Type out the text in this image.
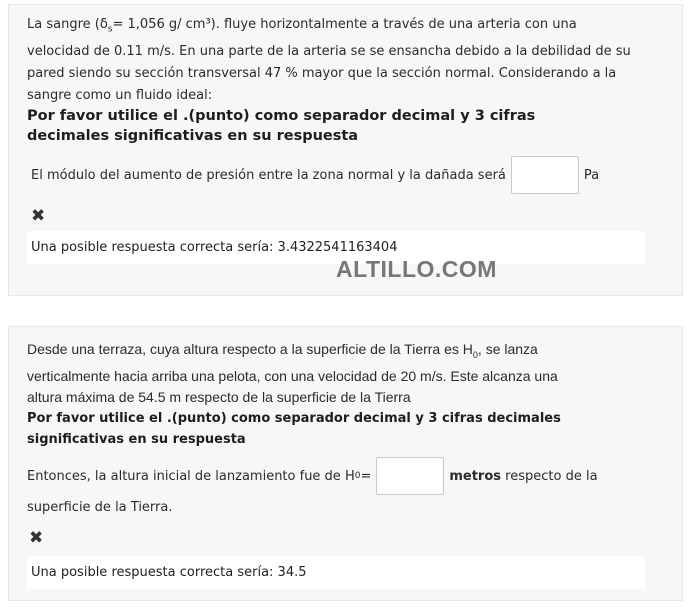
La sangre ($\delta_s= 1,056$ g/ cm³). fluye horizontalmente a través de una arteria con una
velocidad de 0.11 m/s. En una parte de la arteria se se ensancha debido a la debilidad de su
pared siendo su sección transversal 47 % mayor que la sección normal. Considerando a la
sangre como un fluido ideal:
Por favor utilice el .(punto) como separador decimal y 3 cifras decimales significativas en su respuesta
El módulo del aumento de presión entre la zona normal y la dañada será	Pa
✖
Una posible respuesta correcta sería: 3.4322541163404
ALTILLO.COM
Desde una terraza, cuya altura respecto a la superficie de la Tierra es $H_0$, se lanza
verticalmente hacia arriba una pelota, con una velocidad de 20 m/s. Este alcanza una
altura máxima de 54.5 m respecto de la superficie de la Tierra
Por favor utilice el .(punto) como separador decimal y 3 cifras decimales significativas en su respuesta
Entonces, la altura inicial de lanzamiento fue de H 0 =	metros respecto de la
superficie de la Tierra.
✖
Una posible respuesta correcta sería: 34.5
